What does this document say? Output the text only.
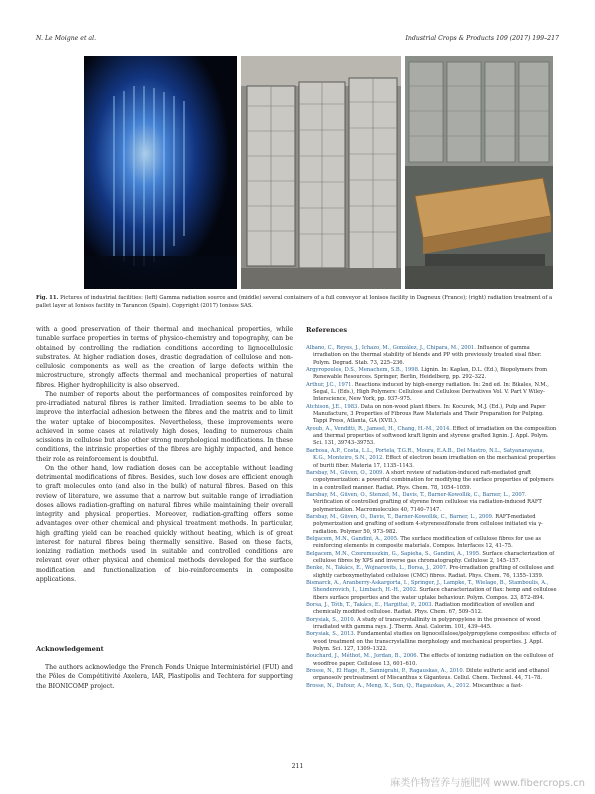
N. Le Moigne et al.	Industrial Crops & Products 109 (2017) 199–217
Fig. 11. Pictures of industrial facilities: (left) Gamma radiation source and (middle) several containers of a full conveyor at Ionisos facility in Dagneux (France); (right) radiation treatment of a pallet layer at Ionisos facility in Tarancon (Spain). Copyright (2017) Ionisos SAS.

with a good preservation of their thermal and mechanical properties, while tunable surface properties in terms of physico-chemistry and topography, can be obtained by controlling the radiation conditions according to lignocellulosic substrates. At higher radiation doses, drastic degradation of cellulose and non-cellulosic components as well as the creation of large defects within the microstructure, strongly affects thermal and mechanical properties of natural fibres. Higher hydrophilicity is also observed.

The number of reports about the performances of composites reinforced by pre-irradiated natural fibres is rather limited. Irradiation seems to be able to improve the interfacial adhesion between the fibres and the matrix and to limit the water uptake of biocomposites. Nevertheless, these improvements were achieved in some cases at relatively high doses, leading to numerous chain scissions in cellulose but also other strong morphological modifications. In these conditions, the intrinsic properties of the fibres are highly impacted, and hence their role as reinforcement is doubtful.

On the other hand, low radiation doses can be acceptable without leading detrimental modifications of fibres. Besides, such low doses are efficient enough to graft molecules onto (and also in the bulk) of natural fibres. Based on this review of literature, we assume that a narrow but suitable range of irradiation doses allows radiation-grafting on natural fibres while maintaining their overall integrity and physical properties. Moreover, radiation-grafting offers some advantages over other chemical and physical treatment methods. In particular, high grafting yield can be reached quickly without heating, which is of great interest for natural fibres being thermally sensitive. Based on these facts, ionizing radiation methods used in suitable and controlled conditions are relevant over other physical and chemical methods developed for the surface modification and functionalization of bio-reinforcements in composite applications.

Acknowledgement
The authors acknowledge the French Fonds Unique Interministériel (FUI) and the Pôles de Compétitivité Axelera, IAR, Plastipolis and Techtera for supporting the BIONICOMP project.
References

Albano, C., Reyes, J., Ichazo, M., González, J., Chipara, M., 2001. Influence of gamma irradiation on the thermal stability of blends and PP with previously treated sisal fiber. Polym. Degrad. Stab. 73, 225–236.

Argyropoulos, D.S., Menachem, S.B., 1998. Lignin. In: Kaplan, D.L. (Ed.), Biopolymers from Renewable Resources. Springer, Berlin, Heidelberg, pp. 292–322.

Arthur, J.C., 1971. Reactions induced by high-energy radiation. In: 2nd ed. In: Bikales, N.M., Segal, L. (Eds.), High Polymers: Cellulose and Cellulose Derivatives Vol. V. Part V Wiley-Interscience, New York, pp. 937–975.

Atchison, J.E., 1983. Data on non-wood plant fibers. In: Kocurek, M.J. (Ed.), Pulp and Paper Manufacture, 3 Properties of Fibrous Raw Materials and Their Preparation for Pulping. Tappi Press, Atlanta, GA (XVII.).

Ayoub, A., Venditti, R., Jameel, H., Chang, H.-M., 2014. Effect of irradiation on the composition and thermal properties of softwood kraft lignin and styrene grafted lignin. J. Appl. Polym. Sci. 131, 39743–39753.

Barbosa, A.P., Costa, L.L., Portela, T.G.R., Moura, E.A.B., Del Mastro, N.L., Satyanarayana, K.G., Monteiro, S.N., 2012. Effect of electron beam irradiation on the mechanical properties of buriti fiber. Materia 17, 1135–1143.

Barsbay, M., Güven, O., 2009. A short review of radiation-induced raft-mediated graft copolymerization: a powerful combination for modifying the surface properties of polymers in a controlled manner. Radiat. Phys. Chem. 78, 1054–1059.

Barsbay, M., Güven, O., Stenzel, M., Davis, T., Barner-Kowollik, C., Barner, L., 2007. Verification of controlled grafting of styrene from cellulose via radiation-induced RAFT polymerization. Macromolecules 40, 7140–7147.

Barsbay, M., Güven, O., Davis, T., Barner-Kowollik, C., Barner, L., 2009. RAFT-mediated polymerization and grafting of sodium 4-styrenesulfonate from cellulose initiated via γ-radiation. Polymer 50, 973–982.

Belgacem, M.N., Gandini, A., 2005. The surface modification of cellulose fibres for use as reinforcing elements in composite materials. Compos. Interfaces 12, 41–75.

Belgacem, M.N., Czeremuszkin, G., Sapieha, S., Gandini, A., 1995. Surface characterization of cellulose fibres by XPS and inverse gas chromatography. Cellulose 2, 145–157.

Benke, N., Takács, E., Wojnarovits, L., Borsa, J., 2007. Pre-irradiation grafting of cellulose and slightly carboxymethylated cellulose (CMC) fibres. Radiat. Phys. Chem. 76, 1355–1359.

Bismarck, A., Aranberry-Askargorta, I., Springer, J., Lampke, T., Wielage, B., Stamboulis, A., Shenderovich, I., Limbach, H.-H., 2002. Surface characterization of flax: hemp and cellulose fibers surface properties and the water uptake behaviour. Polym. Compos. 23, 872–894.

Borsa, J., Tóth, T., Takács, E., Hargittai, P., 2003. Radiation modification of swollen and chemically modified cellulose. Radiat. Phys. Chem. 67, 509–512.

Borysiak, S., 2010. A study of transcrystallinity in polypropylene in the presence of wood irradiated with gamma rays. J. Therm. Anal. Calorim. 101, 439–445.

Borysiak, S., 2013. Fundamental studies on lignocellulose/polypropylene composites: effects of wood treatment on the transcrystalline morphology and mechanical properties. J. Appl. Polym. Sci. 127, 1309–1322.

Bouchard, J., Méthot, M., Jordan, B., 2006. The effects of ionizing radiation on the cellulose of woodfree paper. Cellulose 13, 601–610.

Brosse, N., El Hage, R., Sannigrahi, P., Ragauskas, A., 2010. Dilute sulfuric acid and ethanol organosolv pretreatment of Miscanthus x Giganteus. Cellul. Chem. Technol. 44, 71–78.

Brosse, N., Dufour, A., Meng, X., Sun, Q., Ragauskas, A., 2012. Miscanthus: a fast-

211
麻类作物营养与施肥网 www.fibercrops.cn
